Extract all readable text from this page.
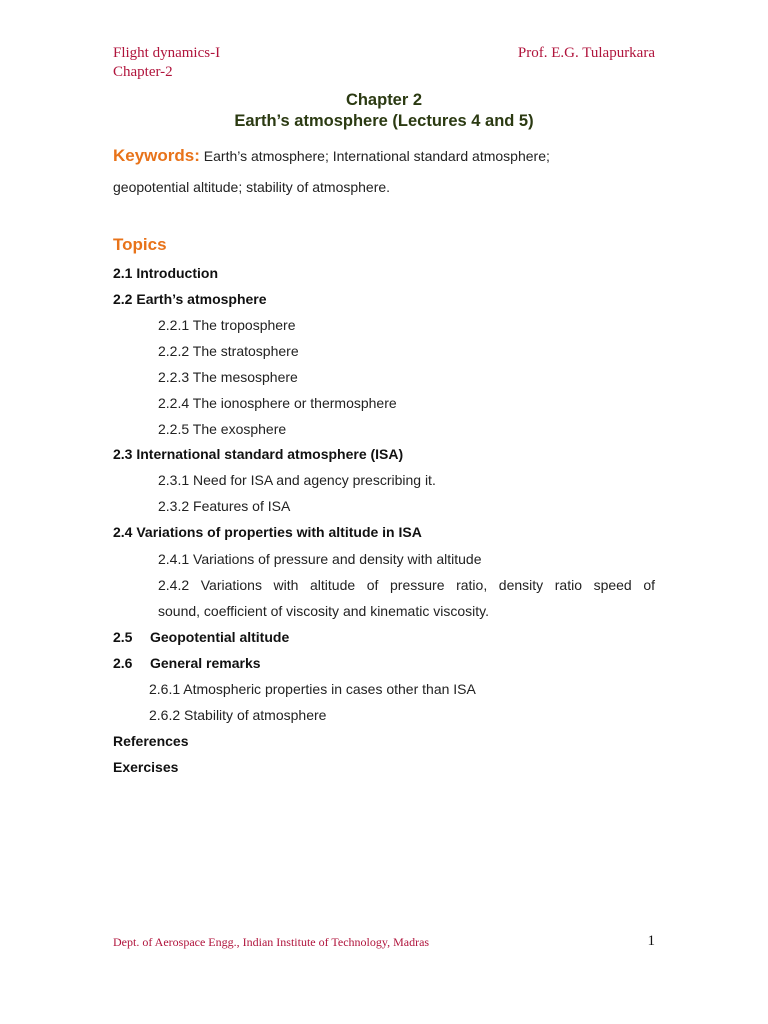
Flight dynamics-I
Chapter-2
Prof. E.G. Tulapurkara
Chapter 2
Earth’s atmosphere (Lectures 4 and 5)
Keywords: Earth’s atmosphere; International standard atmosphere;
geopotential altitude; stability of atmosphere.
Topics
2.1 Introduction
2.2 Earth’s atmosphere
2.2.1 The troposphere
2.2.2 The stratosphere
2.2.3 The mesosphere
2.2.4 The ionosphere or thermosphere
2.2.5 The exosphere
2.3 International standard atmosphere (ISA)
2.3.1 Need for ISA and agency prescribing it.
2.3.2 Features of ISA
2.4 Variations of properties with altitude in ISA
2.4.1 Variations of pressure and density with altitude
2.4.2 Variations with altitude of pressure ratio, density ratio speed of
sound, coefficient of viscosity and kinematic viscosity.
2.5 Geopotential altitude
2.6 General remarks
2.6.1 Atmospheric properties in cases other than ISA
2.6.2 Stability of atmosphere
References
Exercises
Dept. of Aerospace Engg., Indian Institute of Technology, Madras	1
